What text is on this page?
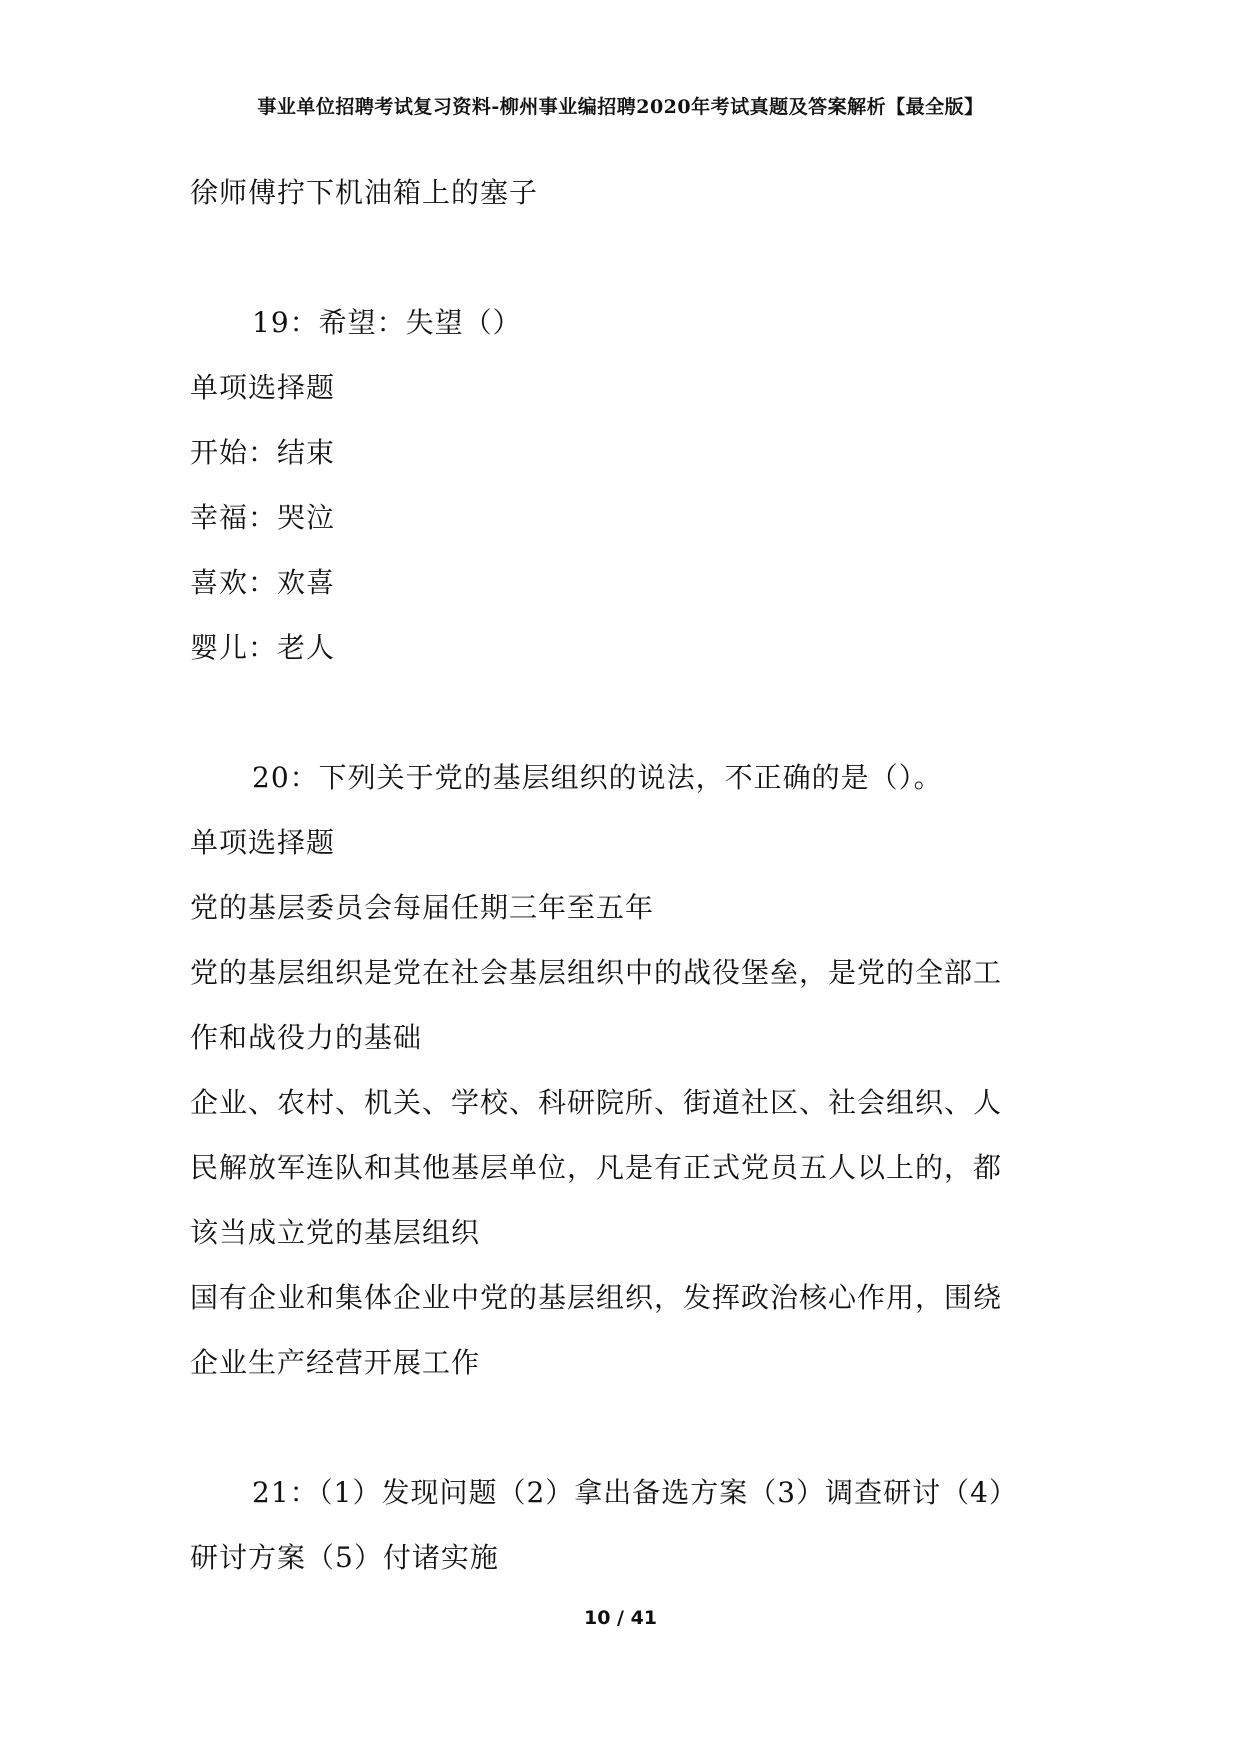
事业单位招聘考试复习资料-柳州事业编招聘2020年考试真题及答案解析【最全版】
徐师傅拧下机油箱上的塞子
19：希望：失望（）
单项选择题
开始：结束
幸福：哭泣
喜欢：欢喜
婴儿：老人
20：下列关于党的基层组织的说法，不正确的是（）。
单项选择题
党的基层委员会每届任期三年至五年
党的基层组织是党在社会基层组织中的战役堡垒，是党的全部工
作和战役力的基础
企业、农村、机关、学校、科研院所、街道社区、社会组织、人
民解放军连队和其他基层单位，凡是有正式党员五人以上的，都
该当成立党的基层组织
国有企业和集体企业中党的基层组织，发挥政治核心作用，围绕
企业生产经营开展工作
21：（1）发现问题（2）拿出备选方案（3）调查研讨（4）
研讨方案（5）付诸实施
10 / 41
